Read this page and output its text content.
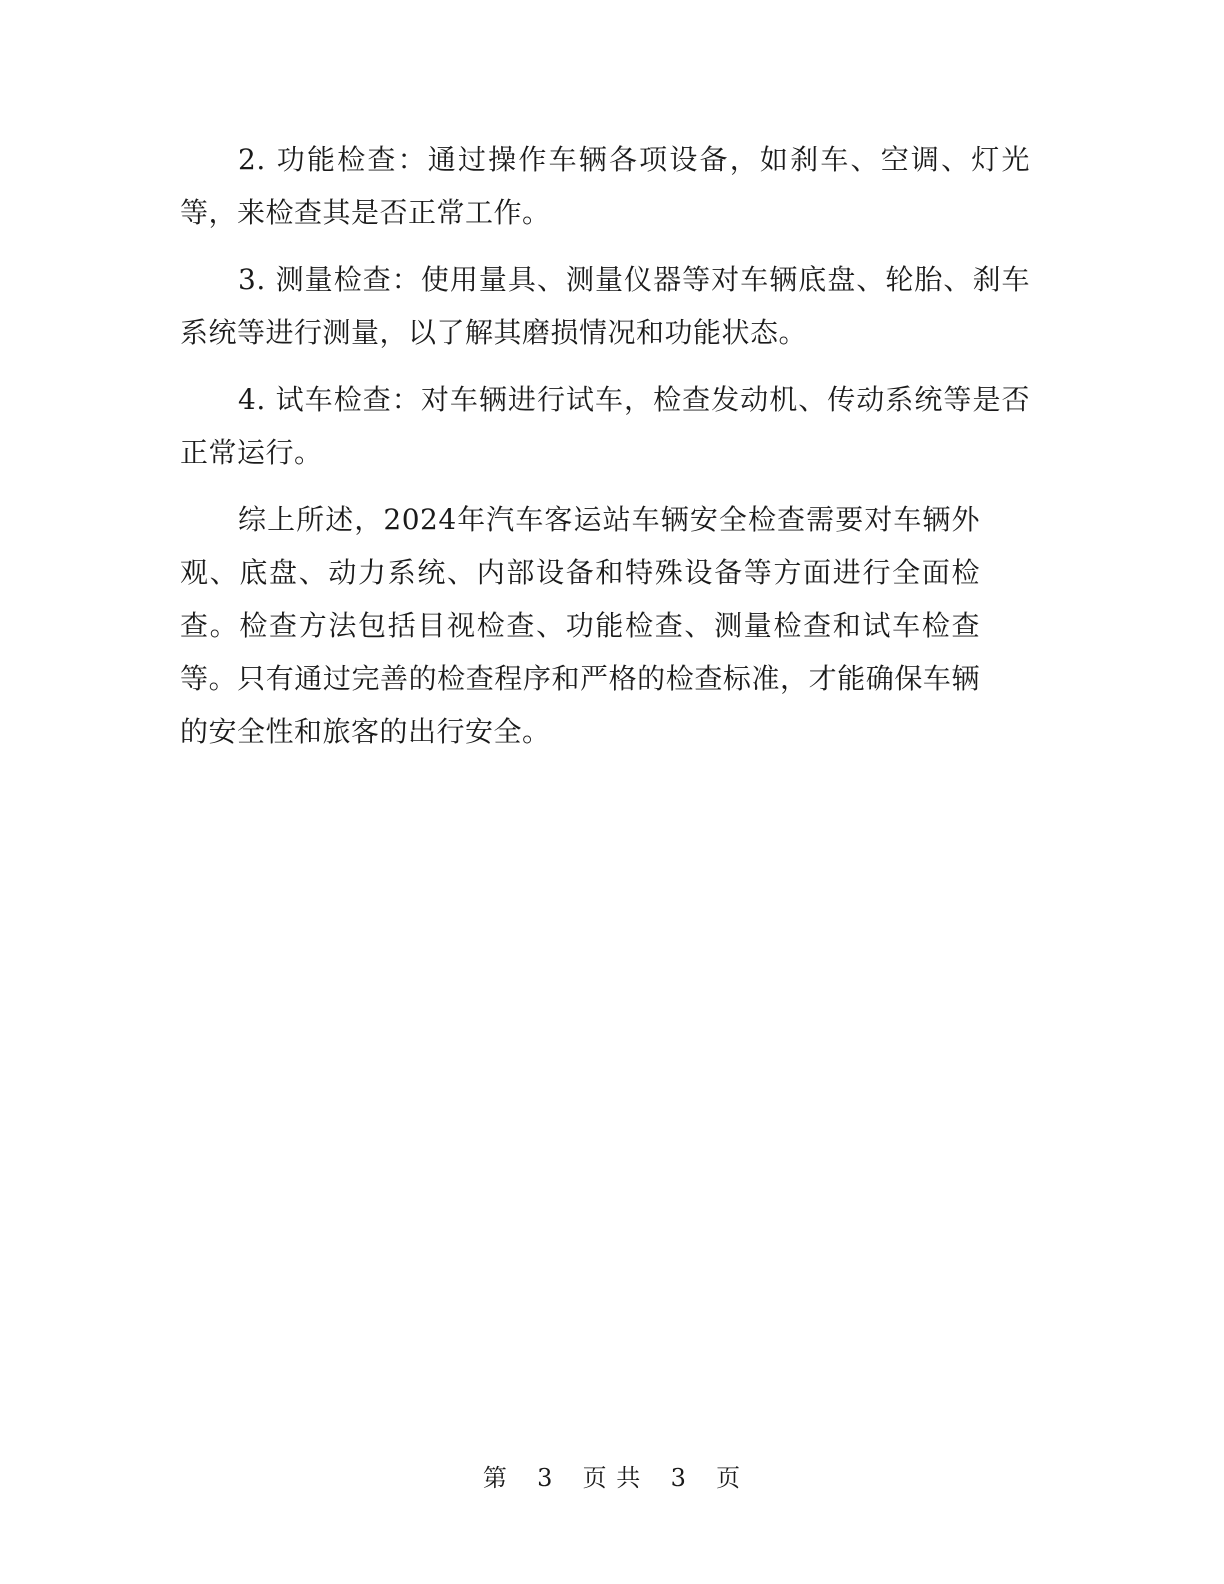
2. 功能检查：通过操作车辆各项设备，如刹车、空调、灯光等，来检查其是否正常工作。

3. 测量检查：使用量具、测量仪器等对车辆底盘、轮胎、刹车系统等进行测量，以了解其磨损情况和功能状态。

4. 试车检查：对车辆进行试车，检查发动机、传动系统等是否正常运行。

综上所述，2024年汽车客运站车辆安全检查需要对车辆外观、底盘、动力系统、内部设备和特殊设备等方面进行全面检查。检查方法包括目视检查、功能检查、测量检查和试车检查等。只有通过完善的检查程序和严格的检查标准，才能确保车辆的安全性和旅客的出行安全。

第 3 页 共 3 页
